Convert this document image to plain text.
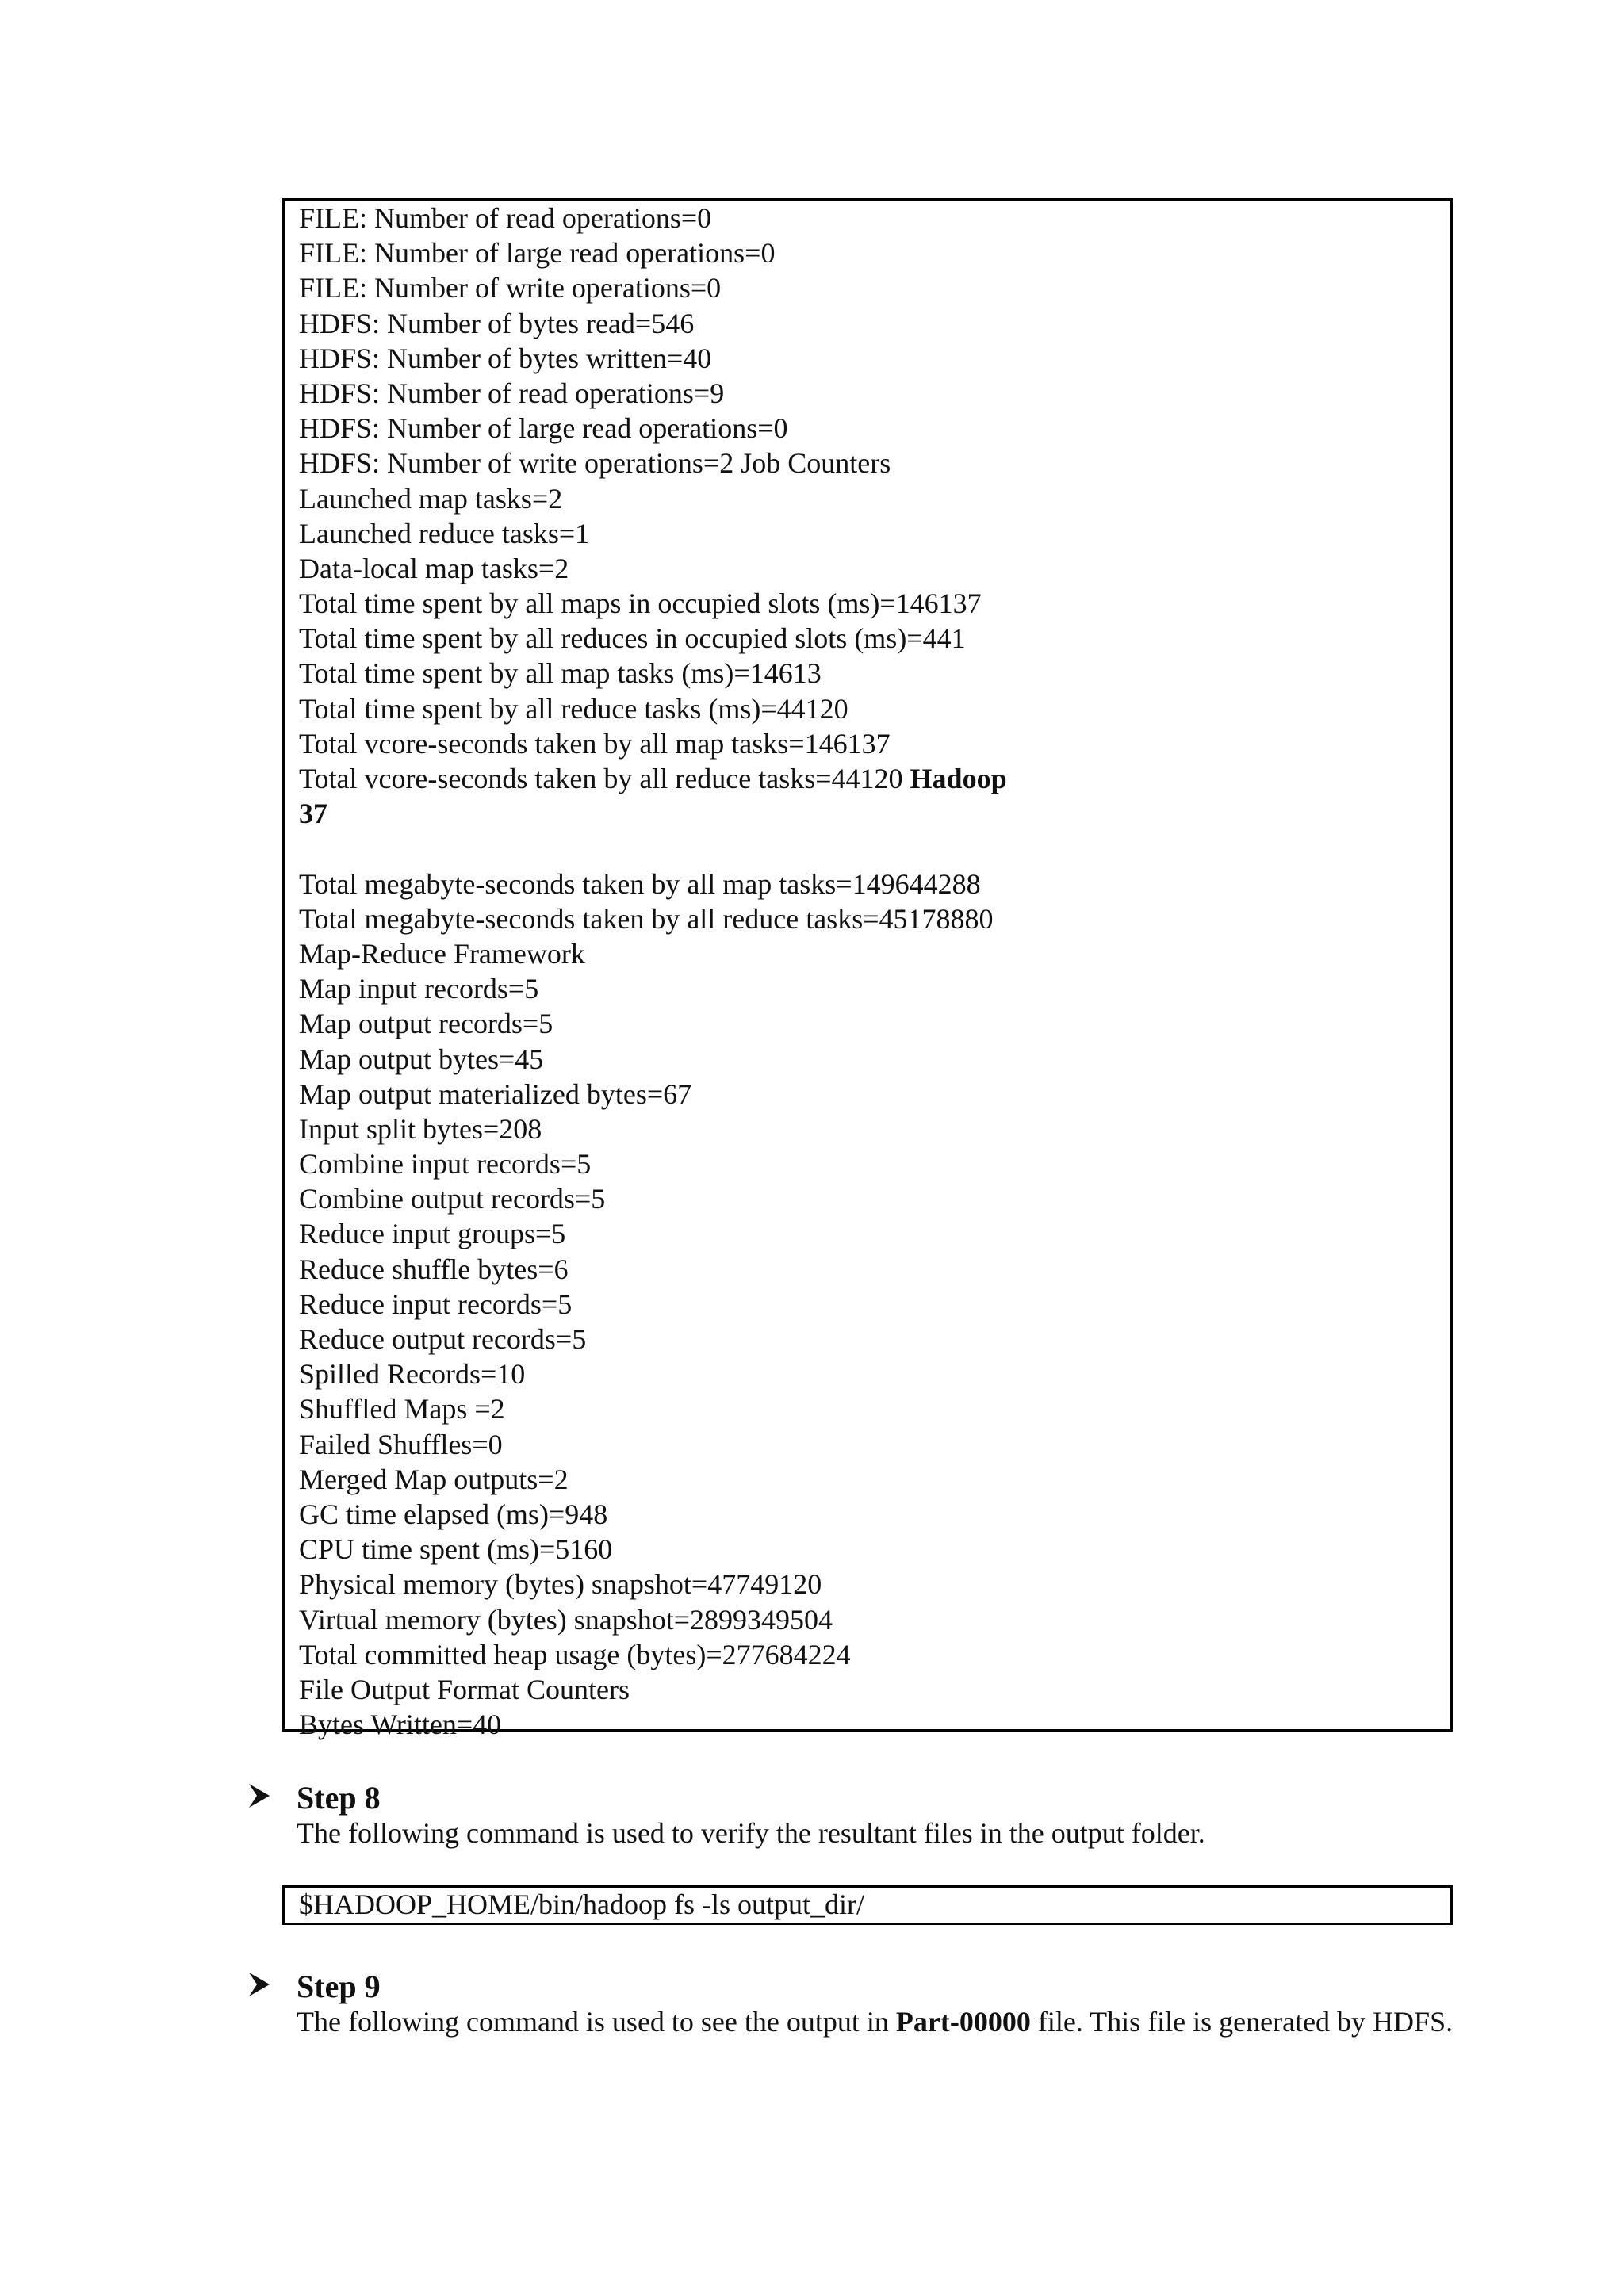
FILE: Number of read operations=0
FILE: Number of large read operations=0
FILE: Number of write operations=0
HDFS: Number of bytes read=546
HDFS: Number of bytes written=40
HDFS: Number of read operations=9
HDFS: Number of large read operations=0
HDFS: Number of write operations=2 Job Counters
Launched map tasks=2
Launched reduce tasks=1
Data-local map tasks=2
Total time spent by all maps in occupied slots (ms)=146137
Total time spent by all reduces in occupied slots (ms)=441
Total time spent by all map tasks (ms)=14613
Total time spent by all reduce tasks (ms)=44120
Total vcore-seconds taken by all map tasks=146137
Total vcore-seconds taken by all reduce tasks=44120 Hadoop
37
Total megabyte-seconds taken by all map tasks=149644288
Total megabyte-seconds taken by all reduce tasks=45178880
Map-Reduce Framework
Map input records=5
Map output records=5
Map output bytes=45
Map output materialized bytes=67
Input split bytes=208
Combine input records=5
Combine output records=5
Reduce input groups=5
Reduce shuffle bytes=6
Reduce input records=5
Reduce output records=5
Spilled Records=10
Shuffled Maps =2
Failed Shuffles=0
Merged Map outputs=2
GC time elapsed (ms)=948
CPU time spent (ms)=5160
Physical memory (bytes) snapshot=47749120
Virtual memory (bytes) snapshot=2899349504
Total committed heap usage (bytes)=277684224
File Output Format Counters
Bytes Written=40
Step 8
The following command is used to verify the resultant files in the output folder.
$HADOOP_HOME/bin/hadoop fs -ls output_dir/
Step 9
The following command is used to see the output in Part-00000 file. This file is generated by HDFS.
